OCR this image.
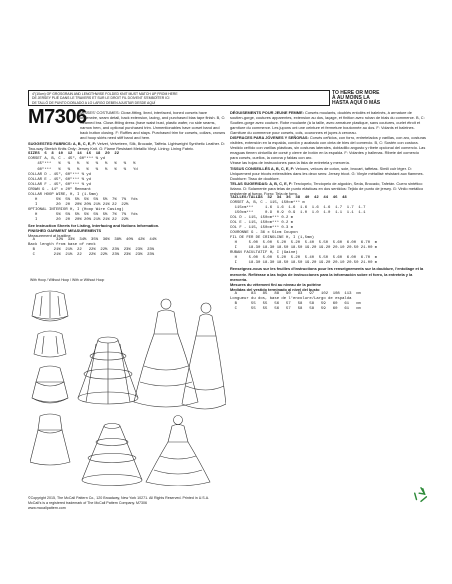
4"(10cm) OF GROSGRAIN AND LENGTHWISE FOLDED KNIT MUST MATCH UP FROM HERE
DE JERSEY PLIÉ DANS LE TRAVERS ET SUR LE DROIT FIL DOIVENT S'EMBOÎTER ICI
DE TALLÓ DE PUNTO DOBLADO A LO LARGO DEBEN AJUSTAR DESDE AQUÍ
TO HERE OR MORE
À AU MOINS LA
HASTA AQUÍ O MÁS
M7306

MISSES' COSTUMES: Close-fitting, lined, interfaced, boned corsets have underwire, seam detail, back extension, lacing, and purchased bias tape finish. B, C: Seamed bra. Close-fitting dress (have waist bust, plastic wafer, no side seams, narrow hem, and optional purchased trim. Unmentionables have corset band and back button closing. F: Ruffles and stays. Purchased trim for corsets, collars, crowns and hoop skirts need stiff band and hem.

SUGGESTED FABRICS: A, B, C, E, F: Velvet, Velveteen, Silk, Brocade, Taffeta. Lightweight Synthetic Leather. D: Two-way Stretch Knits Only: Jersey Knit. G: Flame Resistant Metallic Vinyl. Lining: Lining Fabric.

SIZES  6  8  10  12  14  16  18  20  22
CORSET A, B, C - 45", 60"*** % yd
45"***   %   %   %   %   %   %   %   %   %
60"***   %   %   %   %   %   %   %   %   Yd
COLLAR D - 45", 60"*** % yd
COLLAR E - 45", 60"*** % yd
COLLAR F - 45", 60"*** % yd
CROWN G - 14" x 20" Remnant
COLLAR HOOP WIRE, H, I (1.5mm)
H        5%  5%  5%  5%  5%  5%  7%  7%  Yds
I        20  20  20% 20% 21% 21% 22  22%
OPTIONAL INTERIOR H, I (Hoop Wire Casing)
H        5%  5%  5%  5%  5%  5%  7%  7%  Yds
I        20  20  20% 20% 21% 21% 22  22%
See Instruction Sheets for Listing, Interfacing and Notions Information.
FINISHED GARMENT MEASUREMENTS
Measurement at bustline
A         32%  33%  34%  35%  36%  38%  40%  42%  44%
Back length from base of neck
B        21%  21%  22   22%  22%  23%  23%  23%  23%
C        21%  21%  22   22%  22%  23%  23%  23%  23%
With Hoop / Without Hoop / With or Without Hoop

DÉGUISEMENTS POUR JEUNE FEMME: Corsets moulants, doublés entoilés et baleinés, à armature de soutien-gorge, coutures apparentes, extension au dos, laçage, et finition avec ruban de biais du commerce. B, C: Soutien-gorge avec couture. Robe moulante (à la taille, avec armature plastique, sans coutures, ourlet étroit et garniture du commerce. Les jupons ont une ceinture et fermeture boutonnée au dos. F: Volants et baleines. Garniture du commerce pour corsets, cols, couronnes et jupes à cerceau.

DISFRACES PARA JÓVENES Y SEÑORAS: Corsés ceñidos, con forro, entretelados y varillas, con aro, costuras visibles, extensión en la espalda, cordón y acabado con cinta de bies del comercio. B, C: Sostén con costura. Vestido ceñido con varillas plásticas, sin costuras laterales, dobladillo angosto y ribete opcional del comercio. Las enaguas tienen cinturilla de corsé y cierre de botón en la espalda. F: Volantes y ballenas. Ribete del comercio para corsés, cuellos, la corona y faldas con aro.

Véase las hojas de instrucciones para la lista de entretela y mercería.

TISSUS CONSEILLÉS A, B, C, E, F: Velours, velours de coton, soie, brocart, taffetas. Simili cuir léger. D: Uniquement pour tricots extensibles dans les deux sens: Jersey tricot. G: Vinyle métallisé résistant aux flammes. Doublure: Tissu de doublure.

TELAS SUGERIDAS: A, B, C, E, F: Terciopelo, Terciopelo de algodón, Seda, Brocado, Tafetán. Cuero sintético liviano. D: Solamente para telas de punto elásticas en dos sentidos: Tejido de punto de jersey. G: Vinilo metálico resistente al fuego. Forro: Tela de forro.

TAILLES/TALLAS  32  34  36  38  40  42  44  46  48
CORSET A, B, C - 115, 150cm*** m
115cm***     1.6  1.6  1.6  1.6  1.6  1.6  1.7  1.7  1.7
150cm***     0.9  0.9  0.9  1.0  1.0  1.0  1.1  1.1  1.1
COL D - 115, 150cm*** 0.2 m
COL E - 115, 150cm*** 0.2 m
COL F - 115, 150cm*** 0.3 m
COURONNE G - 36 x 51cm Coupon
FIL DE FER DE CRINOLINE H, I (1,5mm)
H     5.00  5.00  5.20  5.20  5.40  5.50  5.60  6.00  6.70  m
I     18.30 18.30 18.50 18.50 19.20 19.20 20.10 20.50 21.00 m
RUBAN FACULTATIF H, I (Gaine)
H     5.00  5.00  5.20  5.20  5.40  5.50  5.60  6.00  6.70  m
I     18.30 18.30 18.50 18.50 19.20 19.20 20.10 20.50 21.00 m

Renseignez-vous sur les feuilles d'instructions pour les renseignements sur la doublure, l'entoilage et la mercerie. Refiérase a las hojas de instrucciones para la información sobre el forro, la entretela y la mercería.

Mesures du vêtement fini au niveau de la poitrine
Medidas del vestido terminado al nivel del busto
A      83   85   88   90   93   97   102  108  113  cm
Longueur du dos, base de l'encolure/Largo de espalda
B      55   55   56   57   58   58   59   60   61   cm
C      55   55   56   57   58   58   59   60   61   cm
©Copyright 2015, The McCall Pattern Co., 120 Broadway, New York 10271. All Rights Reserved. Printed in U.S.A.
McCall's is a registered trademark of The McCall Pattern Company. M7306
www.mccallpattern.com
